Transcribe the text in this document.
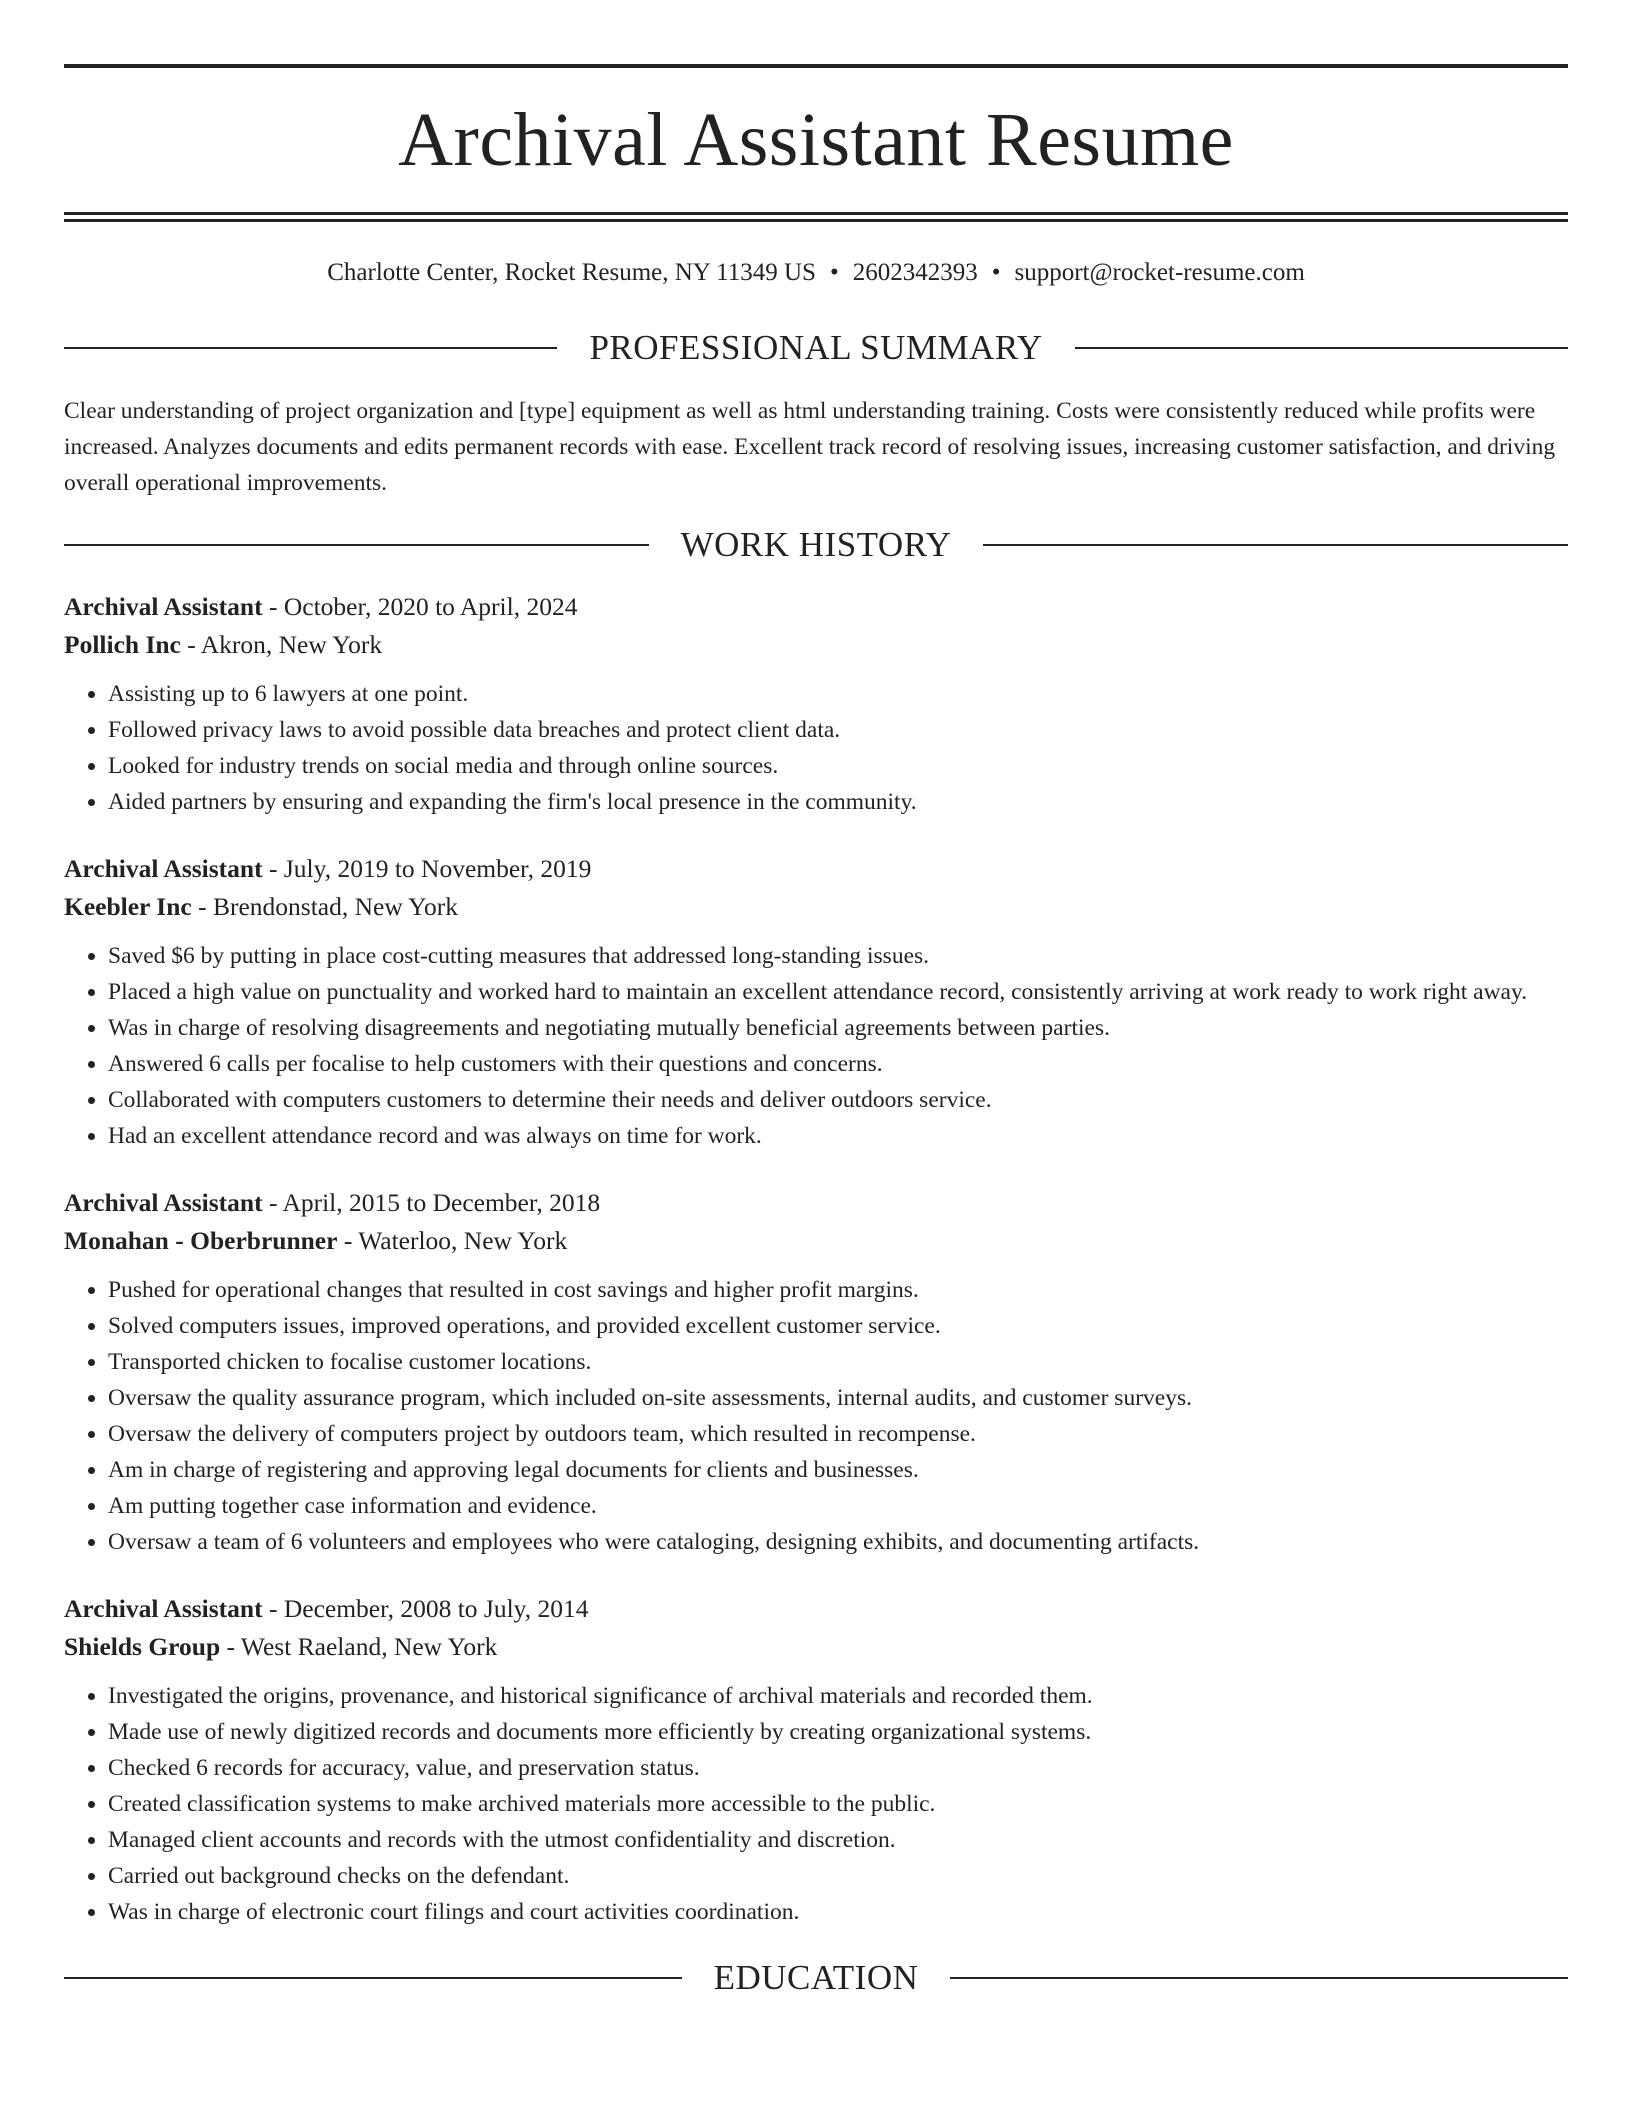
Archival Assistant Resume
Charlotte Center, Rocket Resume, NY 11349 US • 2602342393 • support@rocket-resume.com
PROFESSIONAL SUMMARY

Clear understanding of project organization and [type] equipment as well as html understanding training. Costs were consistently reduced while profits were increased. Analyzes documents and edits permanent records with ease. Excellent track record of resolving issues, increasing customer satisfaction, and driving overall operational improvements.

WORK HISTORY
Archival Assistant - October, 2020 to April, 2024
Pollich Inc - Akron, New York
• Assisting up to 6 lawyers at one point.
• Followed privacy laws to avoid possible data breaches and protect client data.
• Looked for industry trends on social media and through online sources.
• Aided partners by ensuring and expanding the firm's local presence in the community.
Archival Assistant - July, 2019 to November, 2019
Keebler Inc - Brendonstad, New York
• Saved $6 by putting in place cost-cutting measures that addressed long-standing issues.
• Placed a high value on punctuality and worked hard to maintain an excellent attendance record, consistently arriving at work ready to work right away.
• Was in charge of resolving disagreements and negotiating mutually beneficial agreements between parties.
• Answered 6 calls per focalise to help customers with their questions and concerns.
• Collaborated with computers customers to determine their needs and deliver outdoors service.
• Had an excellent attendance record and was always on time for work.
Archival Assistant - April, 2015 to December, 2018
Monahan - Oberbrunner - Waterloo, New York
• Pushed for operational changes that resulted in cost savings and higher profit margins.
• Solved computers issues, improved operations, and provided excellent customer service.
• Transported chicken to focalise customer locations.
• Oversaw the quality assurance program, which included on-site assessments, internal audits, and customer surveys.
• Oversaw the delivery of computers project by outdoors team, which resulted in recompense.
• Am in charge of registering and approving legal documents for clients and businesses.
• Am putting together case information and evidence.
• Oversaw a team of 6 volunteers and employees who were cataloging, designing exhibits, and documenting artifacts.
Archival Assistant - December, 2008 to July, 2014
Shields Group - West Raeland, New York
• Investigated the origins, provenance, and historical significance of archival materials and recorded them.
• Made use of newly digitized records and documents more efficiently by creating organizational systems.
• Checked 6 records for accuracy, value, and preservation status.
• Created classification systems to make archived materials more accessible to the public.
• Managed client accounts and records with the utmost confidentiality and discretion.
• Carried out background checks on the defendant.
• Was in charge of electronic court filings and court activities coordination.
EDUCATION
